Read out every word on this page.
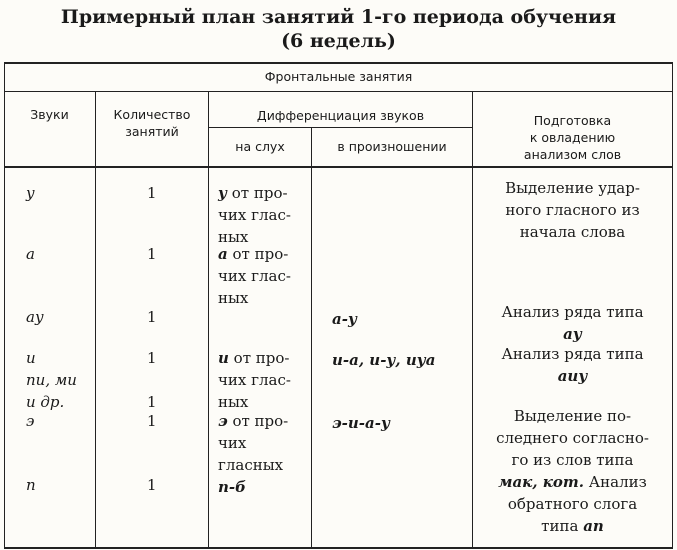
Примерный план занятий 1-го периода обучения
(6 недель)
Фронтальные занятия
Звуки	Количество
занятий
Дифференциация звуков
на слух	в произношении
Подготовка
к овладению
анализом слов
у
а
ау
и
пи, ми
и др.
э
п
1
1
1
1
1
1
1
у от про-
чих глас-
ных
а от про-
чих глас-
ных
и от про-
чих глас-
ных
э от про-
чих
гласных
п-б
а-у
и-а, и-у, иуа
э-и-а-у
Выделение удар-
ного гласного из
начала слова
Анализ ряда типа
ау
Анализ ряда типа
аиу
Выделение по-
следнего согласно-
го из слов типа
мак, кот. Анализ
обратного слога
типа ап
